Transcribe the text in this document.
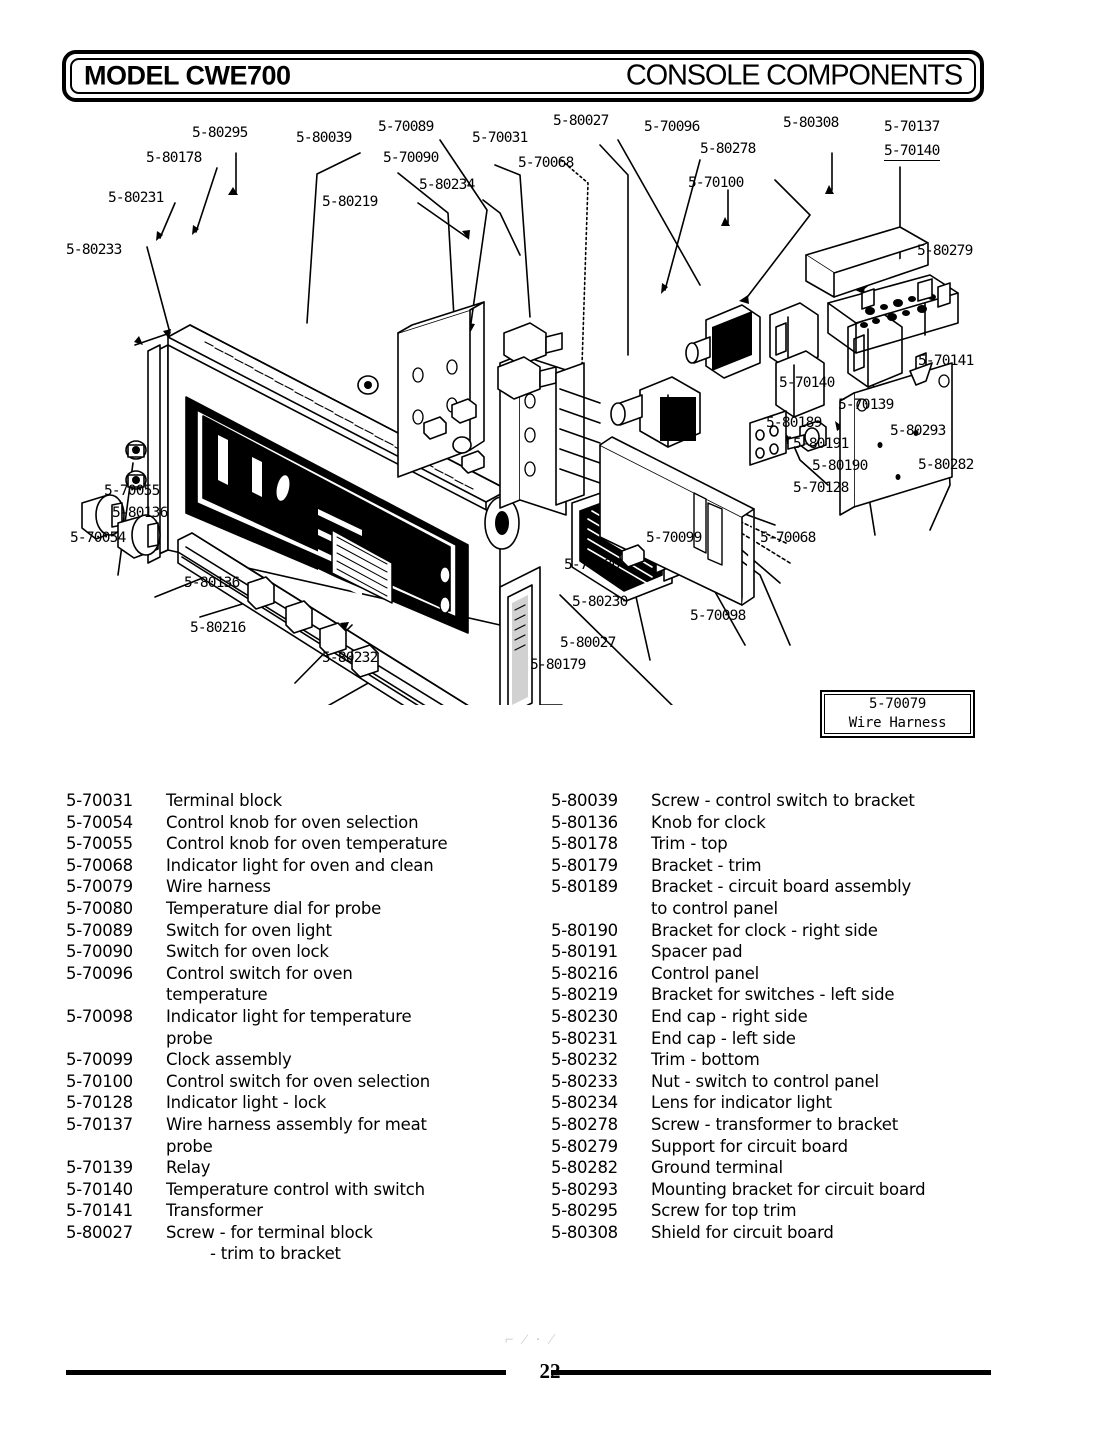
MODEL CWE700	CONSOLE COMPONENTS
5-80295
5-80178
5-80231
5-80233
5-80039
5-80219
5-70089
5-70090
5-80234
5-70031
5-70068
5-80027 5-70096
5-80278
5-70100
5-80308	5-70137
5-70140
5-80279
5-70141
5-70140
5-70139
5-80189
5-80191
5-80190
5-70128
5-80293
5-80282
5-70055
5-80136
5-70054
5-80136
5-80216
5-80232
5-80027
5-80179
5-70080
5-80230
5-70098
5-70099	5-70068
5-70079
Wire Harness
5-70031	Terminal block
5-70054	Control knob for oven selection
5-70055	Control knob for oven temperature
5-70068	Indicator light for oven and clean
5-70079	Wire harness
5-70080	Temperature dial for probe
5-70089	Switch for oven light
5-70090	Switch for oven lock
5-70096	Control switch for oven
temperature
5-70098	Indicator light for temperature
probe
5-70099	Clock assembly
5-70100	Control switch for oven selection
5-70128	Indicator light - lock
5-70137	Wire harness assembly for meat
probe
5-70139	Relay
5-70140	Temperature control with switch
5-70141	Transformer
5-80027	Screw - for terminal block
- trim to bracket
5-80039	Screw - control switch to bracket
5-80136	Knob for clock
5-80178	Trim - top
5-80179	Bracket - trim
5-80189	Bracket - circuit board assembly
to control panel
5-80190	Bracket for clock - right side
5-80191	Spacer pad
5-80216	Control panel
5-80219	Bracket for switches - left side
5-80230	End cap - right side
5-80231	End cap - left side
5-80232	Trim - bottom
5-80233	Nut - switch to control panel
5-80234	Lens for indicator light
5-80278	Screw - transformer to bracket
5-80279	Support for circuit board
5-80282	Ground terminal
5-80293	Mounting bracket for circuit board
5-80295	Screw for top trim
5-80308	Shield for circuit board
⌐ ⁄ · ∕
22
